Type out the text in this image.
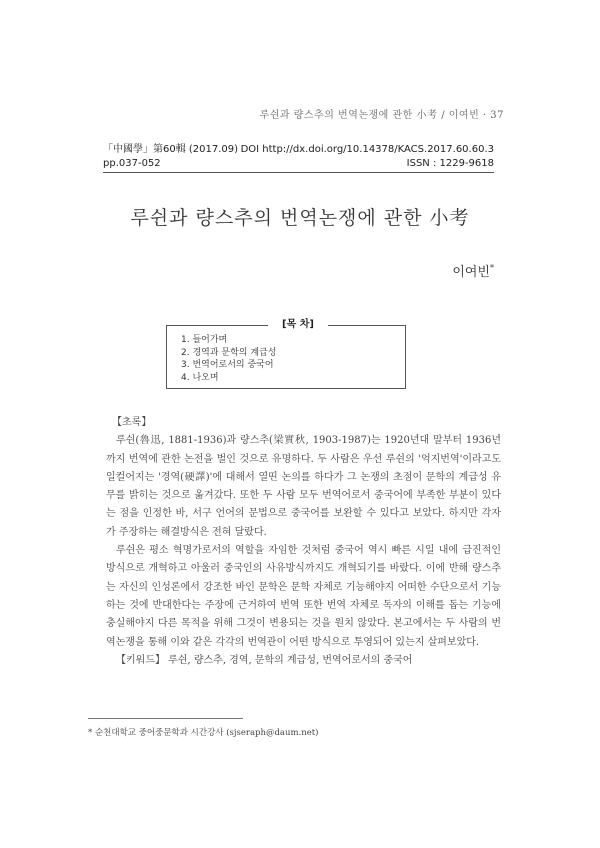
루쉰과 량스추의 번역논쟁에 관한 小考 / 이여빈 · 37
「中國學」第60輯 (2017.09)
pp.037-052
DOI http://dx.doi.org/10.14378/KACS.2017.60.60.3
ISSN : 1229-9618
루쉰과 량스추의 번역논쟁에 관한 小考
이여빈*
1. 들어가며
2. 경역과 문학의 계급성
3. 번역어로서의 중국어
4. 나오며
[목 차]
【초록】

루쉰(魯迅, 1881-1936)과 량스추(梁實秋, 1903-1987)는 1920년대 말부터 1936년까지 번역에 관한 논전을 벌인 것으로 유명하다. 두 사람은 우선 루쉰의 '억지번역'이라고도 일컬어지는 '경역(硬譯)'에 대해서 열띤 논의를 하다가 그 논쟁의 초점이 문학의 계급성 유무를 밝히는 것으로 옮겨갔다. 또한 두 사람 모두 번역어로서 중국어에 부족한 부분이 있다는 점을 인정한 바, 서구 언어의 문법으로 중국어를 보완할 수 있다고 보았다. 하지만 각자가 주장하는 해결방식은 전혀 달랐다.

루쉰은 평소 혁명가로서의 역할을 자임한 것처럼 중국어 역시 빠른 시일 내에 급진적인 방식으로 개혁하고 아울러 중국인의 사유방식까지도 개혁되기를 바랐다. 이에 반해 량스추는 자신의 인성론에서 강조한 바인 문학은 문학 자체로 기능해야지 어떠한 수단으로서 기능하는 것에 반대한다는 주장에 근거하여 번역 또한 번역 자체로 독자의 이해를 돕는 기능에 충실해야지 다른 목적을 위해 그것이 변용되는 것을 원치 않았다. 본고에서는 두 사람의 번역논쟁을 통해 이와 같은 각각의 번역관이 어떤 방식으로 투영되어 있는지 살펴보았다.

【키워드】 루쉰, 량스추, 경역, 문학의 계급성, 번역어로서의 중국어

* 순천대학교 중어중문학과 시간강사 (sjseraph@daum.net)
